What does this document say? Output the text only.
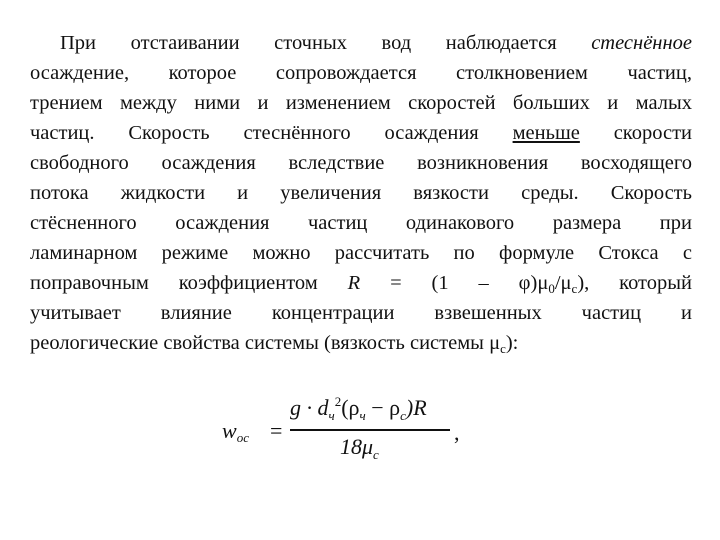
При отстаивании сточных вод наблюдается стеснённое
осаждение, которое сопровождается столкновением частиц,
трением между ними и изменением скоростей больших и малых
частиц. Скорость стеснённого осаждения меньше скорости
свободного осаждения вследствие возникновения восходящего
потока жидкости и увеличения вязкости среды. Скорость
стёсненного осаждения частиц одинакового размера при
ламинарном режиме можно рассчитать по формуле Стокса с
поправочным коэффициентом $R = (1 - \varphi)\mu_0/\mu_с$), который
учитывает влияние концентрации взвешенных частиц и
реологические свойства системы (вязкость системы $\mu_с$):
wос =
$g \cdot d_ч^2(\rho_ч - \rho_с)R$
$18\mu_с$
,
